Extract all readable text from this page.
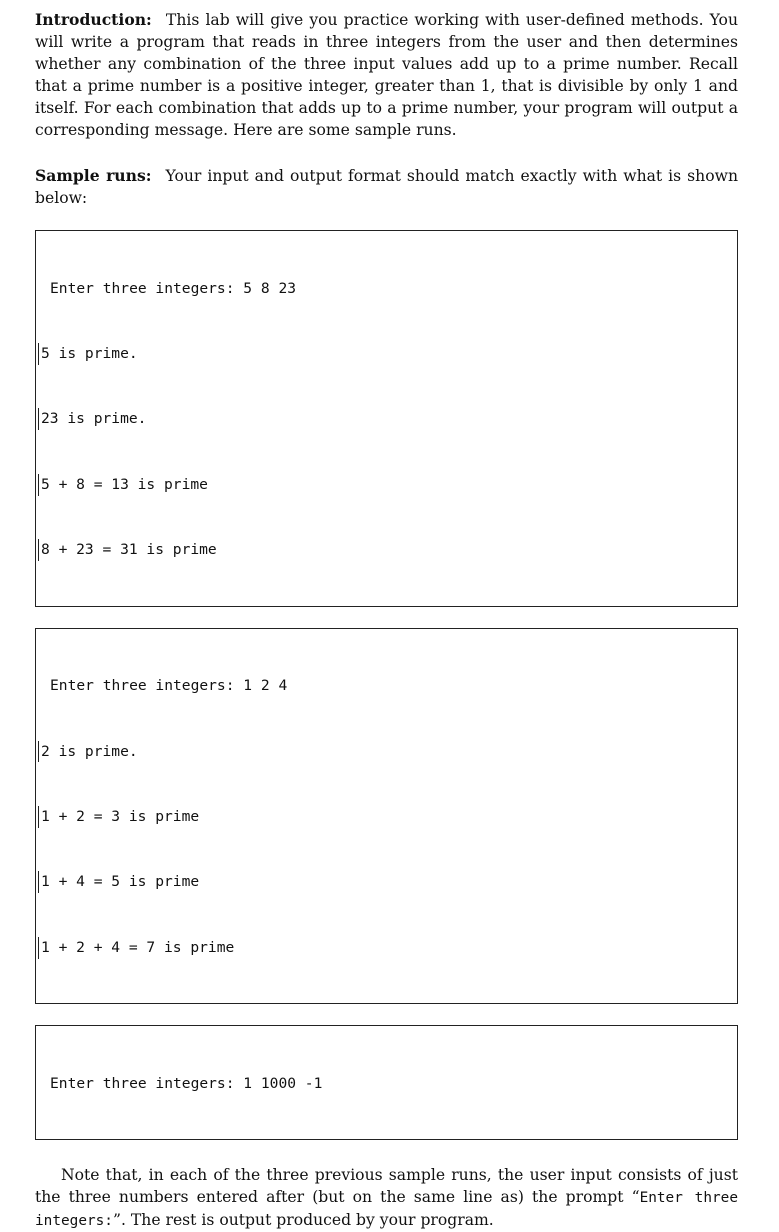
Introduction: This lab will give you practice working with user-defined methods. You will write a program that reads in three integers from the user and then determines whether any combination of the three input values add up to a prime number. Recall that a prime number is a positive integer, greater than 1, that is divisible by only 1 and itself. For each combination that adds up to a prime number, your program will output a corresponding message. Here are some sample runs.

Sample runs: Your input and output format should match exactly with what is shown below:

Enter three integers: 5 8 23

5 is prime.

23 is prime.

5 + 8 = 13 is prime

8 + 23 = 31 is prime

Enter three integers: 1 2 4

2 is prime.

1 + 2 = 3 is prime

1 + 4 = 5 is prime

1 + 2 + 4 = 7 is prime

Enter three integers: 1 1000 -1

Note that, in each of the three previous sample runs, the user input consists of just the three numbers entered after (but on the same line as) the prompt “Enter three integers:”. The rest is output produced by your program.
